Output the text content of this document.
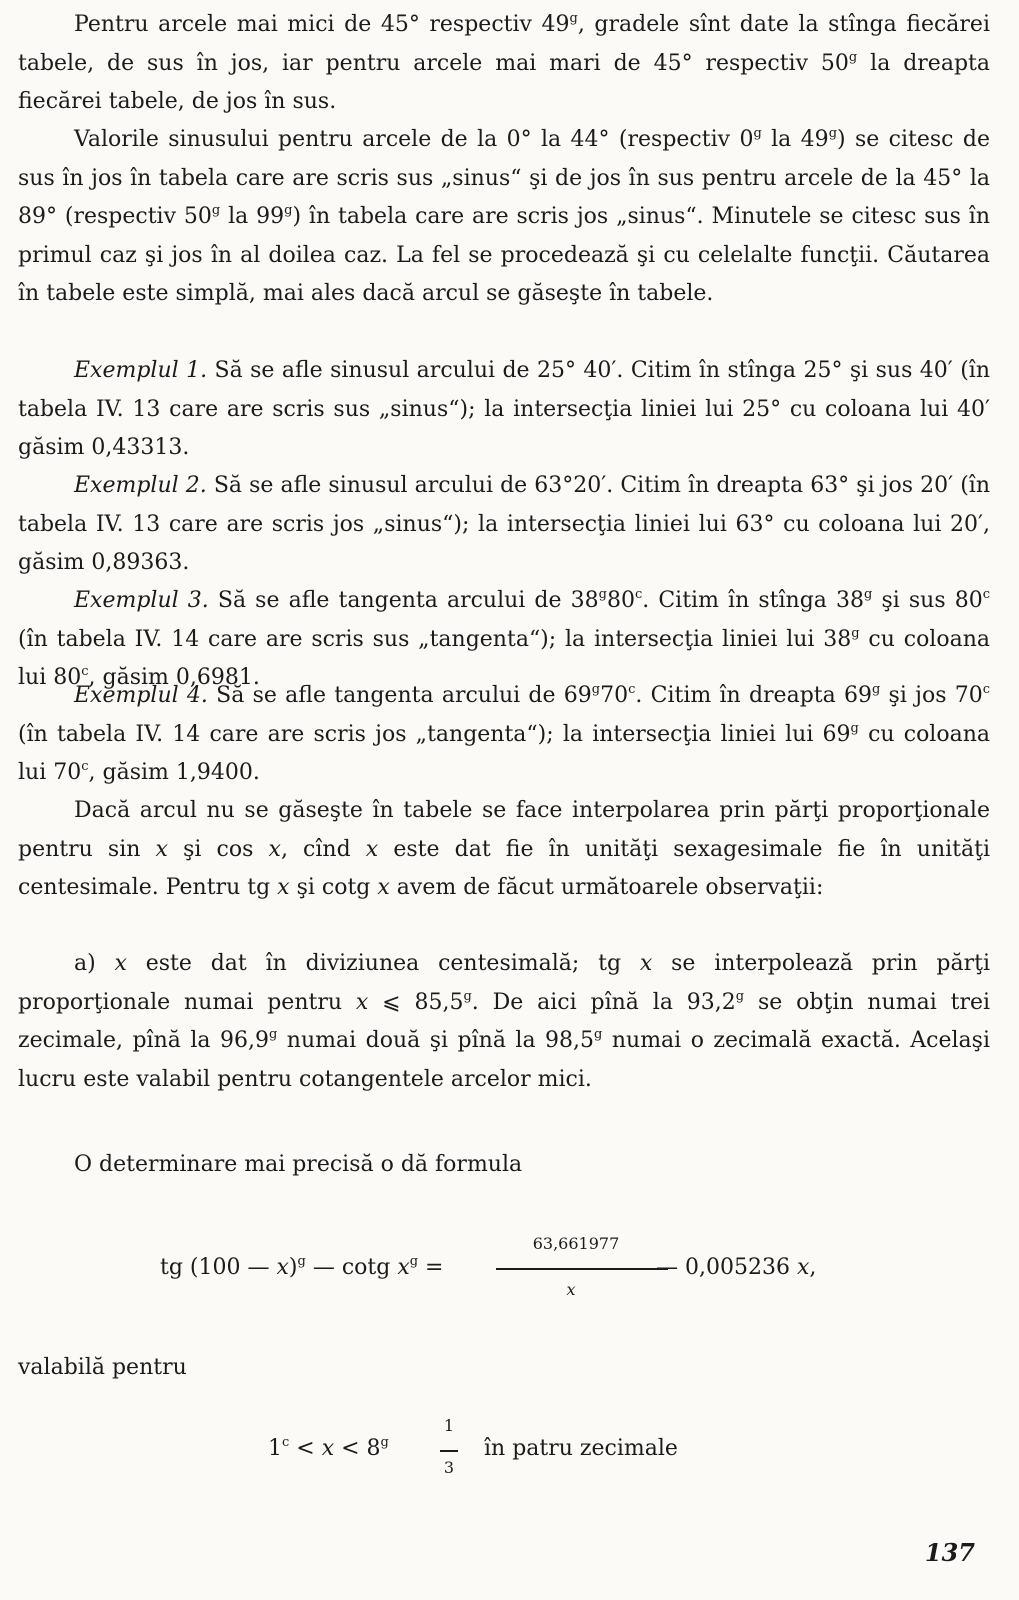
Pentru arcele mai mici de 45° respectiv 49$^g$, gradele sînt date la stînga fiecărei tabele, de sus în jos, iar pentru arcele mai mari de 45° respectiv 50$^g$ la dreapta fiecărei tabele, de jos în sus.
Valorile sinusului pentru arcele de la 0° la 44° (respectiv 0$^g$ la 49$^g$) se citesc de sus în jos în tabela care are scris sus „sinus“ şi de jos în sus pentru arcele de la 45° la 89° (respectiv 50$^g$ la 99$^g$) în tabela care are scris jos „sinus“. Minutele se citesc sus în primul caz şi jos în al doilea caz. La fel se procedează şi cu celelalte funcţii. Căutarea în tabele este simplă, mai ales dacă arcul se găseşte în tabele.
Exemplul 1. Să se afle sinusul arcului de 25° 40′. Citim în stînga 25° şi sus 40′ (în tabela IV. 13 care are scris sus „sinus“); la intersecţia liniei lui 25° cu coloana lui 40′ găsim 0,43313.
Exemplul 2. Să se afle sinusul arcului de 63°20′. Citim în dreapta 63° şi jos 20′ (în tabela IV. 13 care are scris jos „sinus“); la intersecţia liniei lui 63° cu coloana lui 20′, găsim 0,89363.
Exemplul 3. Să se afle tangenta arcului de 38$^g$80$^c$. Citim în stînga 38$^g$ şi sus 80$^c$ (în tabela IV. 14 care are scris sus „tangenta“); la intersecţia liniei lui 38$^g$ cu coloana lui 80$^c$, găsim 0,6981.
Exemplul 4. Să se afle tangenta arcului de 69$^g$70$^c$. Citim în dreapta 69$^g$ şi jos 70$^c$ (în tabela IV. 14 care are scris jos „tangenta“); la intersecţia liniei lui 69$^g$ cu coloana lui 70$^c$, găsim 1,9400.
Dacă arcul nu se găseşte în tabele se face interpolarea prin părţi proporţionale pentru sin x şi cos x, cînd x este dat fie în unităţi sexagesimale fie în unităţi centesimale. Pentru tg x şi cotg x avem de făcut următoarele observaţii:
a) x este dat în diviziunea centesimală; tg x se interpolează prin părţi proporţionale numai pentru x ⩽ 85,5$^g$. De aici pînă la 93,2$^g$ se obţin numai trei zecimale, pînă la 96,9$^g$ numai două şi pînă la 98,5$^g$ numai o zecimală exactă. Acelaşi lucru este valabil pentru cotangentele arcelor mici.
O determinare mai precisă o dă formula
tg (100 — x)$^g$ — cotg $x^g$ =
63,661977
x
— 0,005236 x,
valabilă pentru
$1^c < x < 8^g$
1
3
în patru zecimale
137
